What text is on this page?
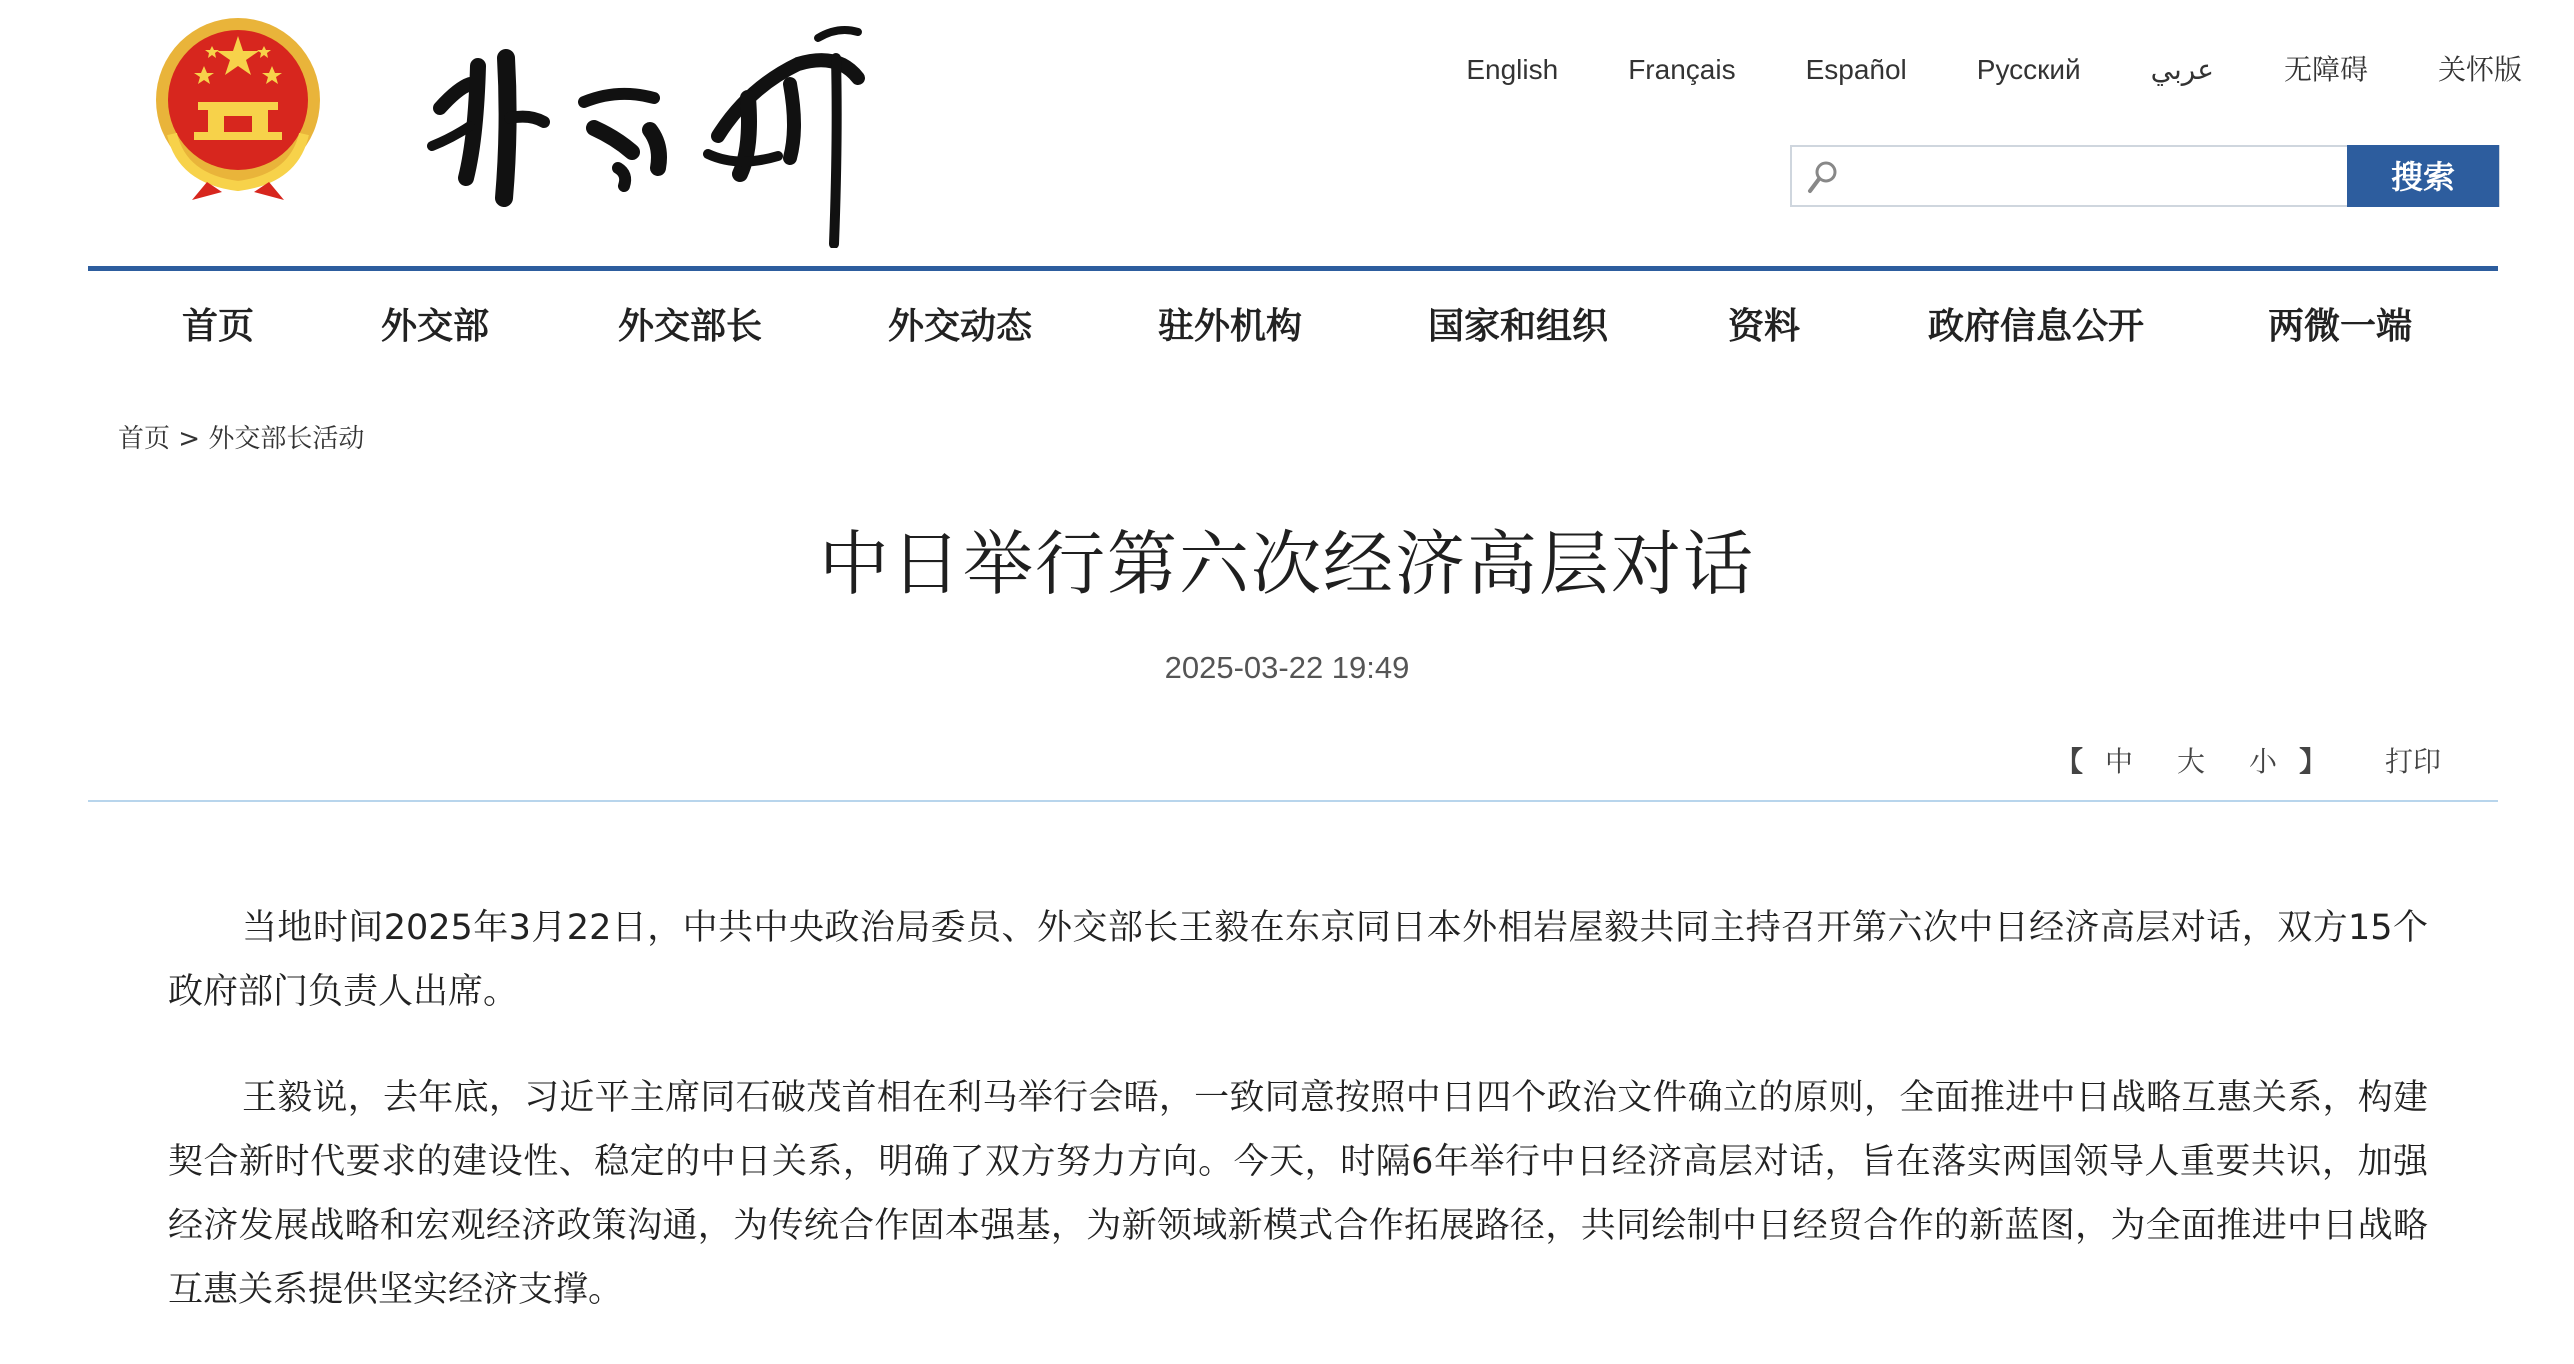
English	Français	Español	Русский	عربي	无障碍	关怀版
搜索
首页	外交部	外交部长	外交动态	驻外机构	国家和组织	资料	政府信息公开	两微一端
首页 > 外交部长活动
中日举行第六次经济高层对话
2025-03-22 19:49
【 中 大 小 】 打印

当地时间2025年3月22日，中共中央政治局委员、外交部长王毅在东京同日本外相岩屋毅共同主持召开第六次中日经济高层对话，双方15个政府部门负责人出席。

王毅说，去年底，习近平主席同石破茂首相在利马举行会晤，一致同意按照中日四个政治文件确立的原则，全面推进中日战略互惠关系，构建契合新时代要求的建设性、稳定的中日关系，明确了双方努力方向。今天，时隔6年举行中日经济高层对话，旨在落实两国领导人重要共识，加强经济发展战略和宏观经济政策沟通，为传统合作固本强基，为新领域新模式合作拓展路径，共同绘制中日经贸合作的新蓝图，为全面推进中日战略互惠关系提供坚实经济支撑。
